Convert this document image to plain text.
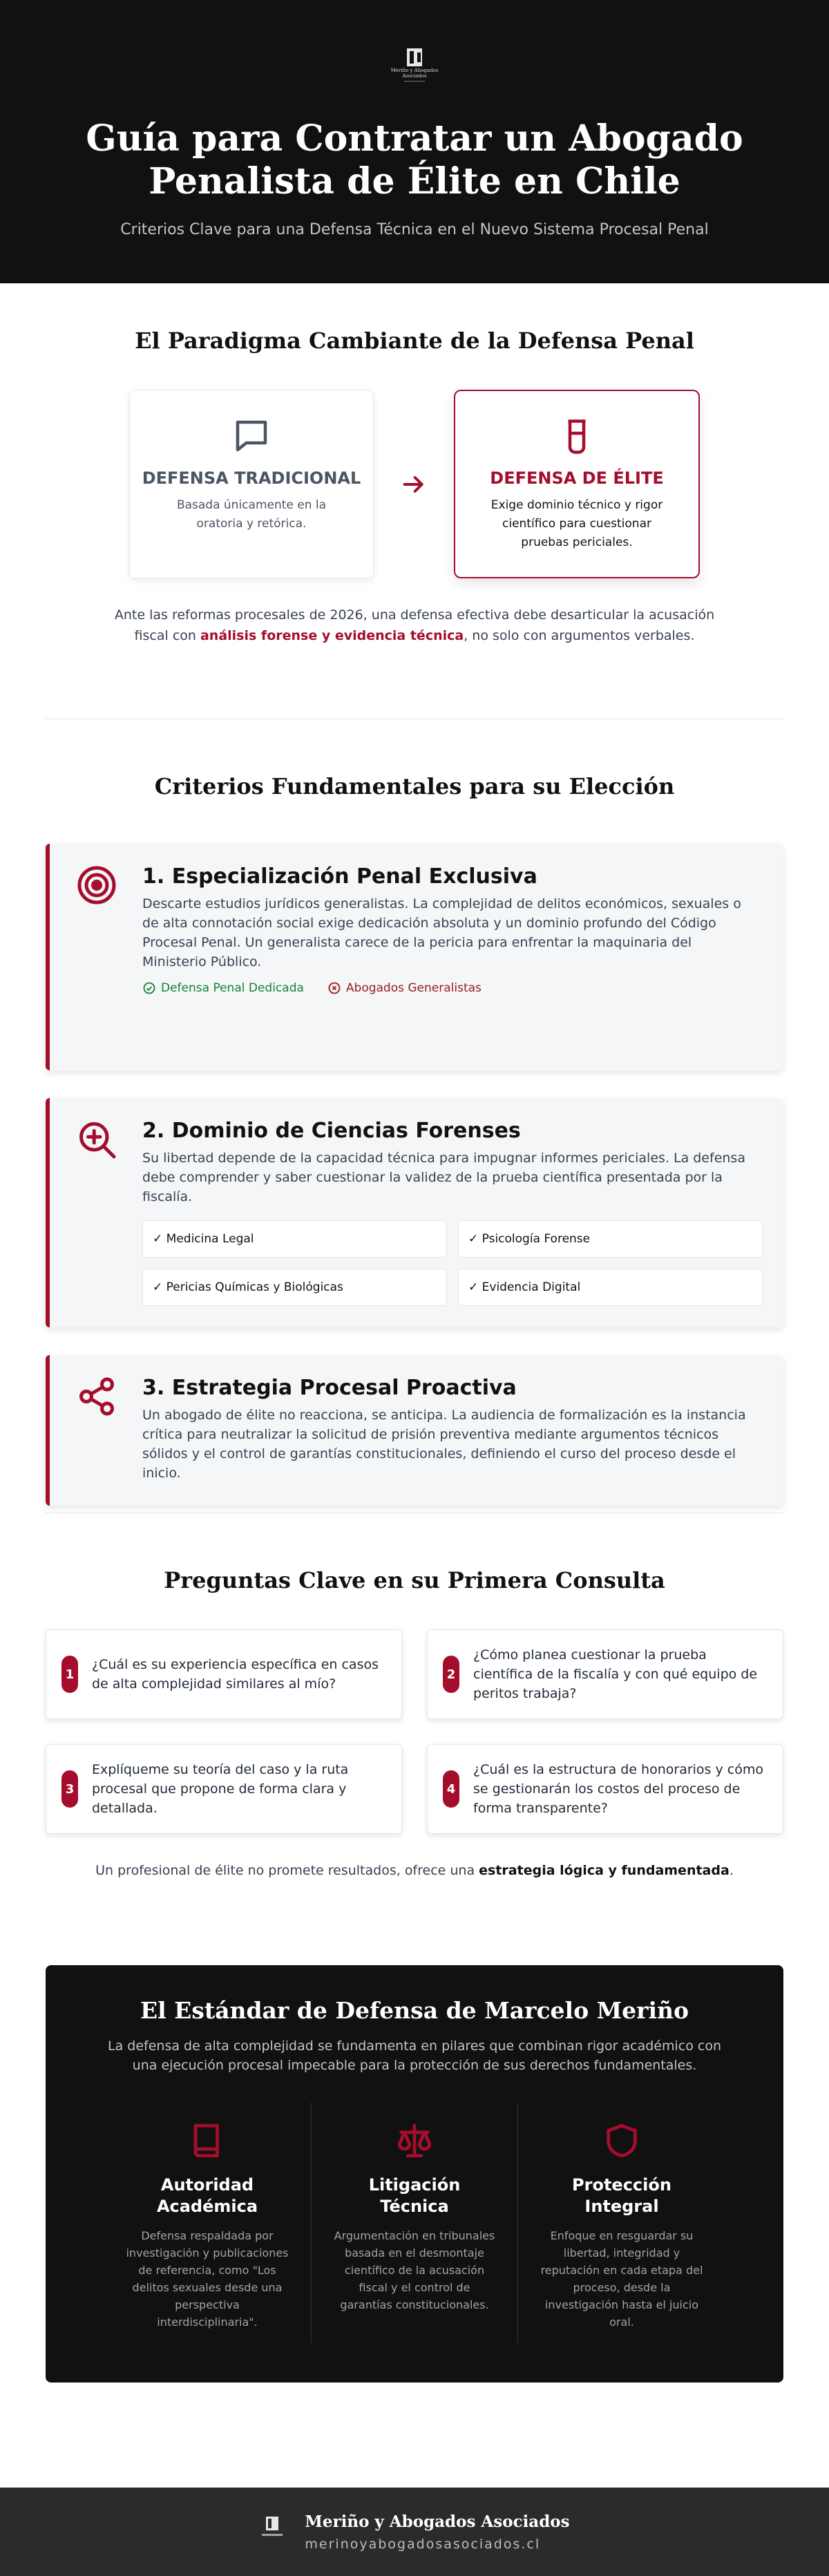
Meriño y Abogados Asociados
Guía para Contratar un Abogado Penalista de Élite en Chile
Criterios Clave para una Defensa Técnica en el Nuevo Sistema Procesal Penal
El Paradigma Cambiante de la Defensa Penal
DEFENSA TRADICIONAL

Basada únicamente en la oratoria y retórica.

DEFENSA DE ÉLITE

Exige dominio técnico y rigor científico para cuestionar pruebas periciales.

Ante las reformas procesales de 2026, una defensa efectiva debe desarticular la acusación fiscal con análisis forense y evidencia técnica, no solo con argumentos verbales.

Criterios Fundamentales para su Elección
1. Especialización Penal Exclusiva

Descarte estudios jurídicos generalistas. La complejidad de delitos económicos, sexuales o de alta connotación social exige dedicación absoluta y un dominio profundo del Código Procesal Penal. Un generalista carece de la pericia para enfrentar la maquinaria del Ministerio Público.

Defensa Penal Dedicada	Abogados Generalistas
2. Dominio de Ciencias Forenses

Su libertad depende de la capacidad técnica para impugnar informes periciales. La defensa debe comprender y saber cuestionar la validez de la prueba científica presentada por la fiscalía.

✓ Medicina Legal	✓ Psicología Forense
✓ Pericias Químicas y Biológicas	✓ Evidencia Digital
3. Estrategia Procesal Proactiva

Un abogado de élite no reacciona, se anticipa. La audiencia de formalización es la instancia crítica para neutralizar la solicitud de prisión preventiva mediante argumentos técnicos sólidos y el control de garantías constitucionales, definiendo el curso del proceso desde el inicio.

Preguntas Clave en su Primera Consulta
1
¿Cuál es su experiencia específica en casos de alta complejidad similares al mío?
2
¿Cómo planea cuestionar la prueba científica de la fiscalía y con qué equipo de peritos trabaja?
3
Explíqueme su teoría del caso y la ruta procesal que propone de forma clara y detallada.
4
¿Cuál es la estructura de honorarios y cómo se gestionarán los costos del proceso de forma transparente?

Un profesional de élite no promete resultados, ofrece una estrategia lógica y fundamentada.

El Estándar de Defensa de Marcelo Meriño

La defensa de alta complejidad se fundamenta en pilares que combinan rigor académico con una ejecución procesal impecable para la protección de sus derechos fundamentales.

Autoridad Académica

Defensa respaldada por investigación y publicaciones de referencia, como "Los delitos sexuales desde una perspectiva interdisciplinaria".

Litigación Técnica

Argumentación en tribunales basada en el desmontaje científico de la acusación fiscal y el control de garantías constitucionales.

Protección Integral

Enfoque en resguardar su libertad, integridad y reputación en cada etapa del proceso, desde la investigación hasta el juicio oral.

Meriño y Abogados Asociados
merinoyabogadosasociados.cl
